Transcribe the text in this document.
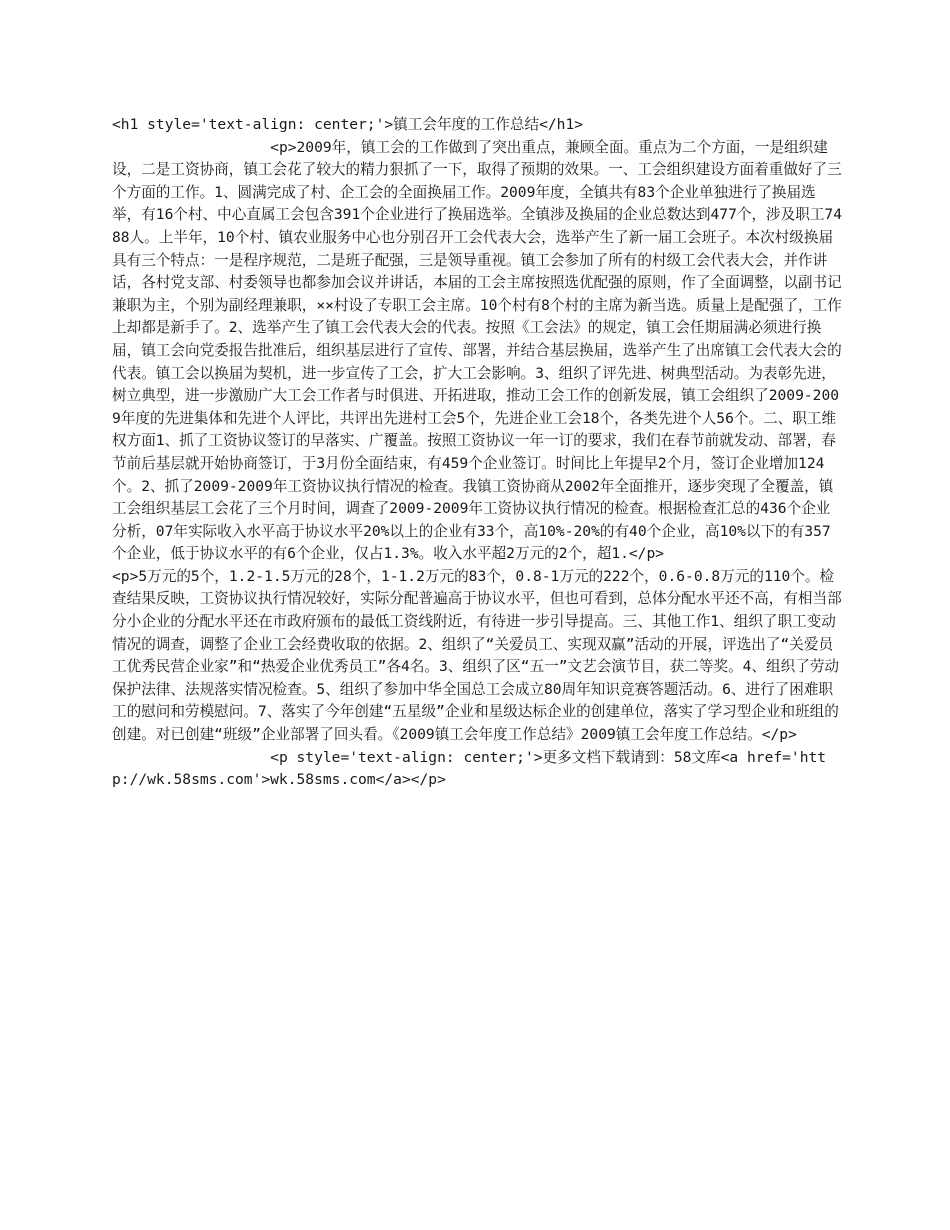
<h1 style='text-align: center;'>镇工会年度的工作总结</h1>
<p>2009年，镇工会的工作做到了突出重点，兼顾全面。重点为二个方面，一是组织建设，二是工资协商，镇工会花了较大的精力狠抓了一下，取得了预期的效果。一、工会组织建设方面着重做好了三个方面的工作。1、圆满完成了村、企工会的全面换届工作。2009年度，全镇共有83个企业单独进行了换届选举，有16个村、中心直属工会包含391个企业进行了换届选举。全镇涉及换届的企业总数达到477个，涉及职工7488人。上半年，10个村、镇农业服务中心也分别召开工会代表大会，选举产生了新一届工会班子。本次村级换届具有三个特点：一是程序规范，二是班子配强，三是领导重视。镇工会参加了所有的村级工会代表大会，并作讲话，各村党支部、村委领导也都参加会议并讲话，本届的工会主席按照选优配强的原则，作了全面调整，以副书记兼职为主，个别为副经理兼职，××村设了专职工会主席。10个村有8个村的主席为新当选。质量上是配强了，工作上却都是新手了。2、选举产生了镇工会代表大会的代表。按照《工会法》的规定，镇工会任期届满必须进行换届，镇工会向党委报告批准后，组织基层进行了宣传、部署，并结合基层换届，选举产生了出席镇工会代表大会的代表。镇工会以换届为契机，进一步宣传了工会，扩大工会影响。3、组织了评先进、树典型活动。为表彰先进，树立典型，进一步激励广大工会工作者与时俱进、开拓进取，推动工会工作的创新发展，镇工会组织了2009-2009年度的先进集体和先进个人评比，共评出先进村工会5个，先进企业工会18个，各类先进个人56个。二、职工维权方面1、抓了工资协议签订的早落实、广覆盖。按照工资协议一年一订的要求，我们在春节前就发动、部署，春节前后基层就开始协商签订，于3月份全面结束，有459个企业签订。时间比上年提早2个月，签订企业增加124个。2、抓了2009-2009年工资协议执行情况的检查。我镇工资协商从2002年全面推开，逐步突现了全覆盖，镇工会组织基层工会花了三个月时间，调查了2009-2009年工资协议执行情况的检查。根据检查汇总的436个企业分析，07年实际收入水平高于协议水平20%以上的企业有33个，高10%-20%的有40个企业，高10%以下的有357个企业，低于协议水平的有6个企业，仅占1.3%。收入水平超2万元的2个，超1.</p>
<p>5万元的5个，1.2-1.5万元的28个，1-1.2万元的83个，0.8-1万元的222个，0.6-0.8万元的110个。检查结果反映，工资协议执行情况较好，实际分配普遍高于协议水平，但也可看到，总体分配水平还不高，有相当部分小企业的分配水平还在市政府颁布的最低工资线附近，有待进一步引导提高。三、其他工作1、组织了职工变动情况的调查，调整了企业工会经费收取的依据。2、组织了“关爱员工、实现双赢”活动的开展，评选出了“关爱员工优秀民营企业家”和“热爱企业优秀员工”各4名。3、组织了区“五一”文艺会演节目，获二等奖。4、组织了劳动保护法律、法规落实情况检查。5、组织了参加中华全国总工会成立80周年知识竞赛答题活动。6、进行了困难职工的慰问和劳模慰问。7、落实了今年创建“五星级”企业和星级达标企业的创建单位，落实了学习型企业和班组的创建。对已创建“班级”企业部署了回头看。《2009镇工会年度工作总结》2009镇工会年度工作总结。</p>
<p style='text-align: center;'>更多文档下载请到：58文库<a href='http://wk.58sms.com'>wk.58sms.com</a></p>
